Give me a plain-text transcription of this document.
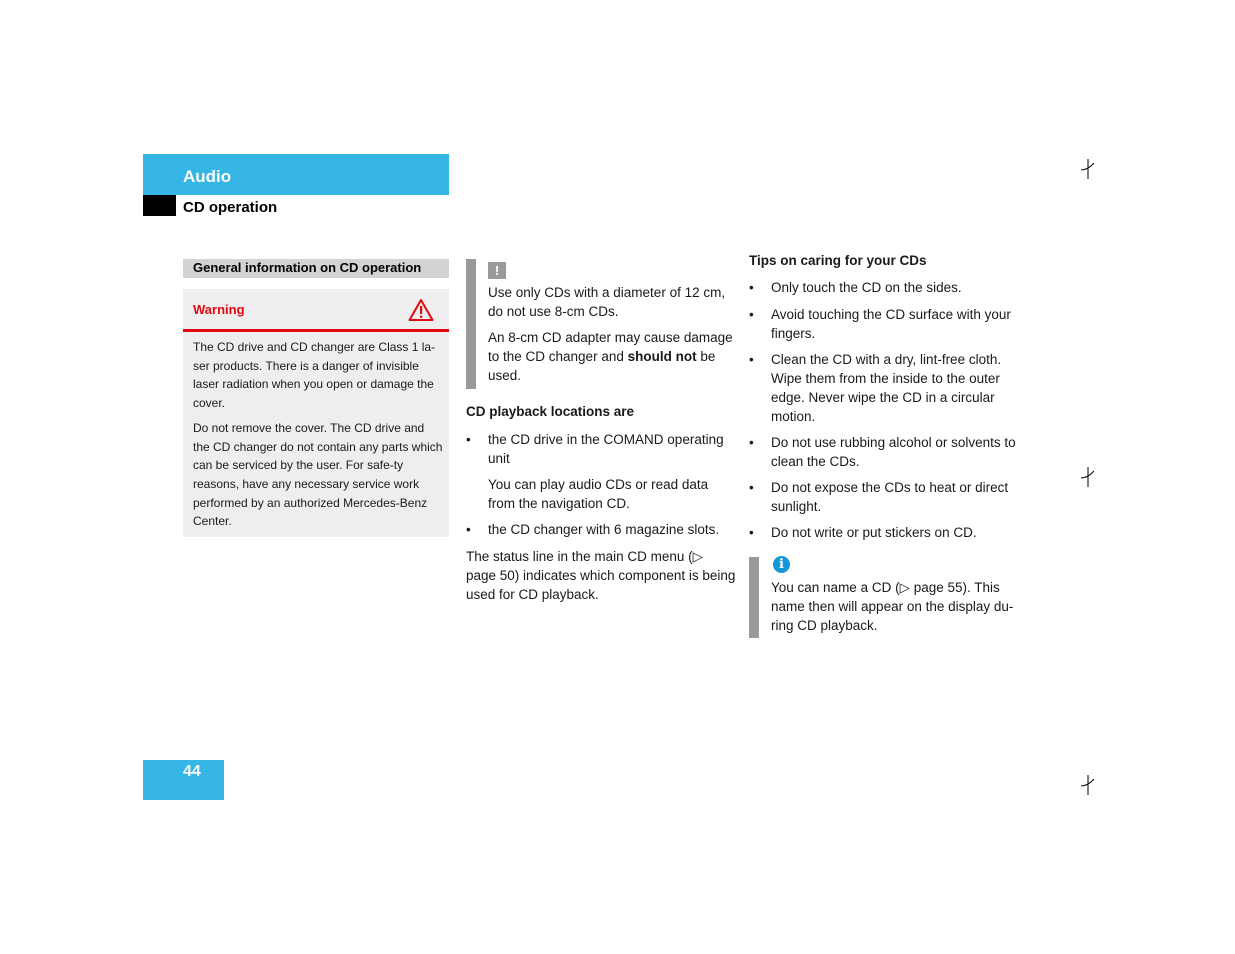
Audio
CD operation
General information on CD operation
Warning

The CD drive and CD changer are Class 1 la-ser products. There is a danger of invisible laser radiation when you open or damage the cover.

Do not remove the cover. The CD drive and the CD changer do not contain any parts which can be serviced by the user. For safe-ty reasons, have any necessary service work performed by an authorized Mercedes-Benz Center.

!

Use only CDs with a diameter of 12 cm, do not use 8-cm CDs.

An 8-cm CD adapter may cause damage to the CD changer and should not be used.

CD playback locations are
• the CD drive in the COMAND operating unit
You can play audio CDs or read data from the navigation CD.
• the CD changer with 6 magazine slots.
The status line in the main CD menu (▷ page 50) indicates which component is being used for CD playback.
Tips on caring for your CDs
• Only touch the CD on the sides.
• Avoid touching the CD surface with your fingers.
• Clean the CD with a dry, lint-free cloth. Wipe them from the inside to the outer edge. Never wipe the CD in a circular motion.
• Do not use rubbing alcohol or solvents to clean the CDs.
• Do not expose the CDs to heat or direct sunlight.
• Do not write or put stickers on CD.
i
You can name a CD (▷ page 55). This name then will appear on the display du-ring CD playback.
44
